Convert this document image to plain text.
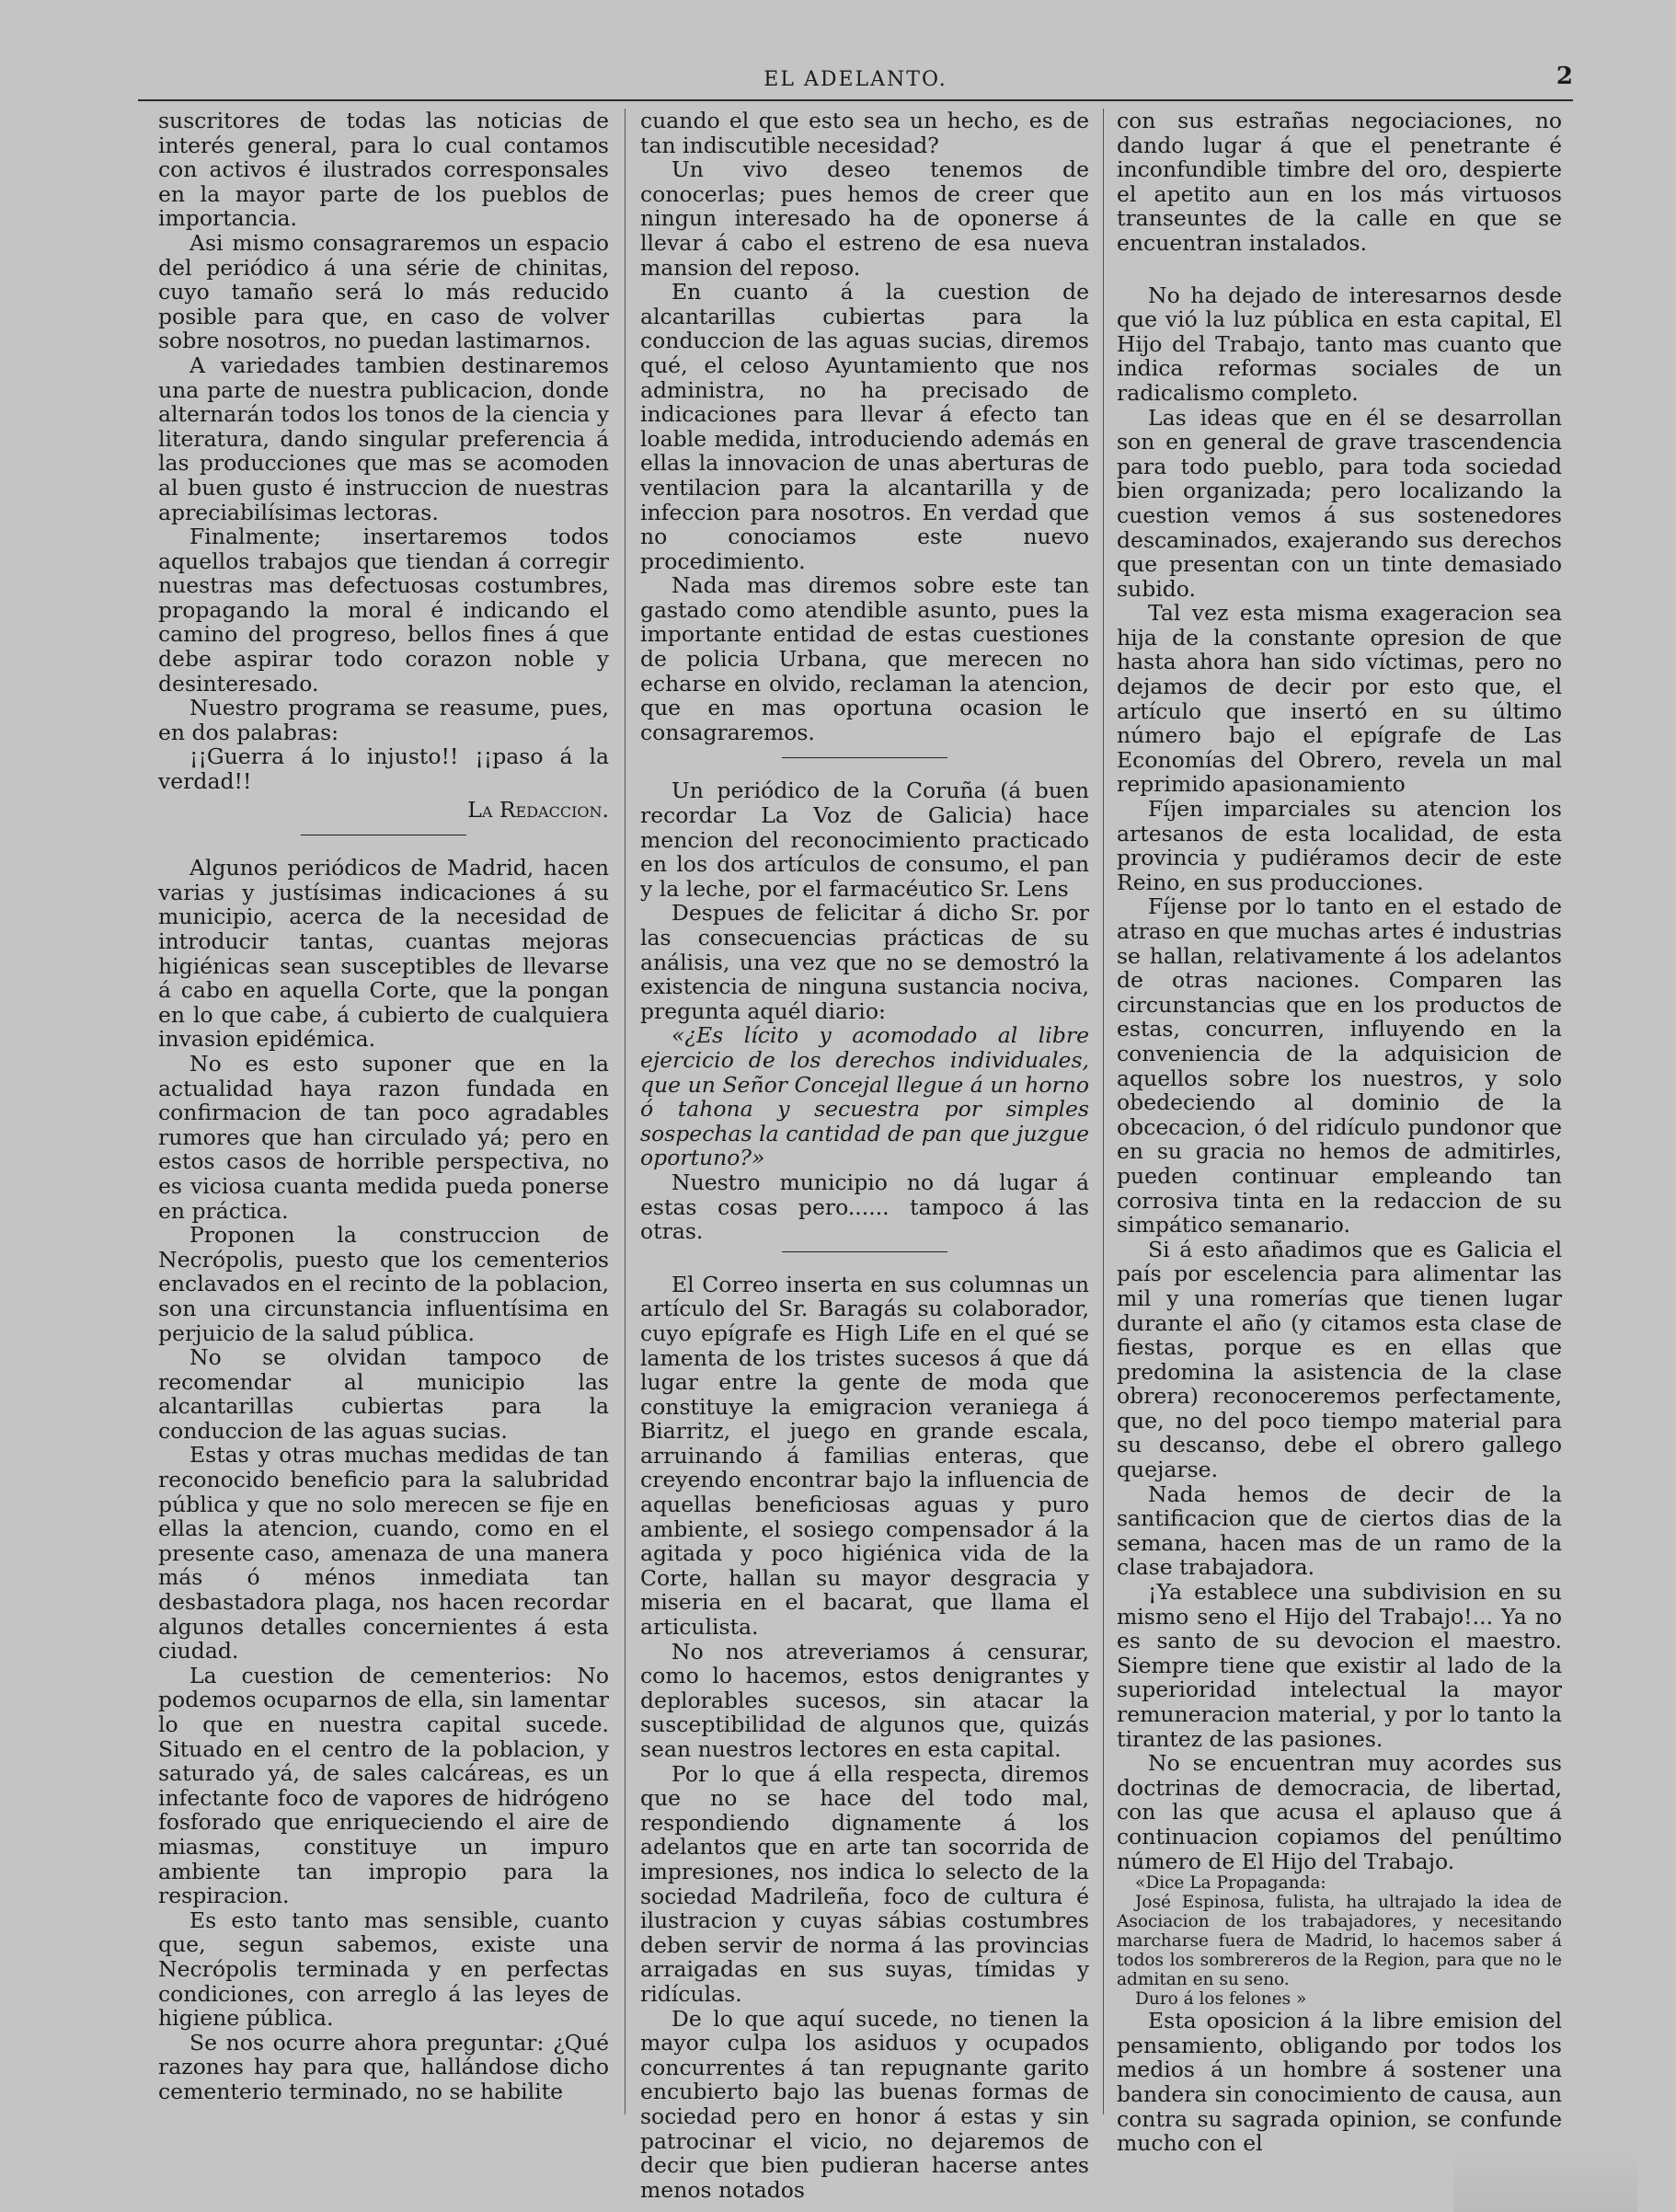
EL ADELANTO.	2

suscritores de todas las noticias de interés general, para lo cual contamos con activos é ilustrados corresponsales en la mayor parte de los pueblos de importancia.

Asi mismo consagraremos un espacio del periódico á una série de chinitas, cuyo tamaño será lo más reducido posible para que, en caso de volver sobre nosotros, no puedan lastimarnos.

A variedades tambien destinaremos una parte de nuestra publicacion, donde alternarán todos los tonos de la ciencia y literatura, dando singular preferencia á las producciones que mas se acomoden al buen gusto é instruccion de nuestras apreciabilísimas lectoras.

Finalmente; insertaremos todos aquellos trabajos que tiendan á corregir nuestras mas defectuosas costumbres, propagando la moral é indicando el camino del progreso, bellos fines á que debe aspirar todo corazon noble y desinteresado.

Nuestro programa se reasume, pues, en dos palabras:

¡¡Guerra á lo injusto!! ¡¡paso á la verdad!!

La Redaccion.

Algunos periódicos de Madrid, hacen varias y justísimas indicaciones á su municipio, acerca de la necesidad de introducir tantas, cuantas mejoras higiénicas sean susceptibles de llevarse á cabo en aquella Corte, que la pongan en lo que cabe, á cubierto de cualquiera invasion epidémica.

No es esto suponer que en la actualidad haya razon fundada en confirmacion de tan poco agradables rumores que han circulado yá; pero en estos casos de horrible perspectiva, no es viciosa cuanta medida pueda ponerse en práctica.

Proponen la construccion de Necrópolis, puesto que los cementerios enclavados en el recinto de la poblacion, son una circunstancia influentísima en perjuicio de la salud pública.

No se olvidan tampoco de recomendar al municipio las alcantarillas cubiertas para la conduccion de las aguas sucias.

Estas y otras muchas medidas de tan reconocido beneficio para la salubridad pública y que no solo merecen se fije en ellas la atencion, cuando, como en el presente caso, amenaza de una manera más ó ménos inmediata tan desbastadora plaga, nos hacen recordar algunos detalles concernientes á esta ciudad.

La cuestion de cementerios: No podemos ocuparnos de ella, sin lamentar lo que en nuestra capital sucede. Situado en el centro de la poblacion, y saturado yá, de sales calcáreas, es un infectante foco de vapores de hidrógeno fosforado que enriqueciendo el aire de miasmas, constituye un impuro ambiente tan impropio para la respiracion.

Es esto tanto mas sensible, cuanto que, segun sabemos, existe una Necrópolis terminada y en perfectas condiciones, con arreglo á las leyes de higiene pública.

Se nos ocurre ahora preguntar: ¿Qué razones hay para que, hallándose dicho cementerio terminado, no se habilite

cuando el que esto sea un hecho, es de tan indiscutible necesidad?

Un vivo deseo tenemos de conocerlas; pues hemos de creer que ningun interesado ha de oponerse á llevar á cabo el estreno de esa nueva mansion del reposo.

En cuanto á la cuestion de alcantarillas cubiertas para la conduccion de las aguas sucias, diremos qué, el celoso Ayuntamiento que nos administra, no ha precisado de indicaciones para llevar á efecto tan loable medida, introduciendo además en ellas la innovacion de unas aberturas de ventilacion para la alcantarilla y de infeccion para nosotros. En verdad que no conociamos este nuevo procedimiento.

Nada mas diremos sobre este tan gastado como atendible asunto, pues la importante entidad de estas cuestiones de policia Urbana, que merecen no echarse en olvido, reclaman la atencion, que en mas oportuna ocasion le consagraremos.

Un periódico de la Coruña (á buen recordar La Voz de Galicia) hace mencion del reconocimiento practicado en los dos artículos de consumo, el pan y la leche, por el farmacéutico Sr. Lens

Despues de felicitar á dicho Sr. por las consecuencias prácticas de su análisis, una vez que no se demostró la existencia de ninguna sustancia nociva, pregunta aquél diario:

«¿Es lícito y acomodado al libre ejercicio de los derechos individuales, que un Señor Concejal llegue á un horno ó tahona y secuestra por simples sospechas la cantidad de pan que juzgue oportuno?»

Nuestro municipio no dá lugar á estas cosas pero...... tampoco á las otras.

El Correo inserta en sus columnas un artículo del Sr. Baragás su colaborador, cuyo epígrafe es High Life en el qué se lamenta de los tristes sucesos á que dá lugar entre la gente de moda que constituye la emigracion veraniega á Biarritz, el juego en grande escala, arruinando á familias enteras, que creyendo encontrar bajo la influencia de aquellas beneficiosas aguas y puro ambiente, el sosiego compensador á la agitada y poco higiénica vida de la Corte, hallan su mayor desgracia y miseria en el bacarat, que llama el articulista.

No nos atreveriamos á censurar, como lo hacemos, estos denigrantes y deplorables sucesos, sin atacar la susceptibilidad de algunos que, quizás sean nuestros lectores en esta capital.

Por lo que á ella respecta, diremos que no se hace del todo mal, respondiendo dignamente á los adelantos que en arte tan socorrida de impresiones, nos indica lo selecto de la sociedad Madrileña, foco de cultura é ilustracion y cuyas sábias costumbres deben servir de norma á las provincias arraigadas en sus suyas, tímidas y ridículas.

De lo que aquí sucede, no tienen la mayor culpa los asiduos y ocupados concurrentes á tan repugnante garito encubierto bajo las buenas formas de sociedad pero en honor á estas y sin patrocinar el vicio, no dejaremos de decir que bien pudieran hacerse antes menos notados

con sus estrañas negociaciones, no dando lugar á que el penetrante é inconfundible timbre del oro, despierte el apetito aun en los más virtuosos transeuntes de la calle en que se encuentran instalados.

No ha dejado de interesarnos desde que vió la luz pública en esta capital, El Hijo del Trabajo, tanto mas cuanto que indica reformas sociales de un radicalismo completo.

Las ideas que en él se desarrollan son en general de grave trascendencia para todo pueblo, para toda sociedad bien organizada; pero localizando la cuestion vemos á sus sostenedores descaminados, exajerando sus derechos que presentan con un tinte demasiado subido.

Tal vez esta misma exageracion sea hija de la constante opresion de que hasta ahora han sido víctimas, pero no dejamos de decir por esto que, el artículo que insertó en su último número bajo el epígrafe de Las Economías del Obrero, revela un mal reprimido apasionamiento

Fíjen imparciales su atencion los artesanos de esta localidad, de esta provincia y pudiéramos decir de este Reino, en sus producciones.

Fíjense por lo tanto en el estado de atraso en que muchas artes é industrias se hallan, relativamente á los adelantos de otras naciones. Comparen las circunstancias que en los productos de estas, concurren, influyendo en la conveniencia de la adquisicion de aquellos sobre los nuestros, y solo obedeciendo al dominio de la obcecacion, ó del ridículo pundonor que en su gracia no hemos de admitirles, pueden continuar empleando tan corrosiva tinta en la redaccion de su simpático semanario.

Si á esto añadimos que es Galicia el país por escelencia para alimentar las mil y una romerías que tienen lugar durante el año (y citamos esta clase de fiestas, porque es en ellas que predomina la asistencia de la clase obrera) reconoceremos perfectamente, que, no del poco tiempo material para su descanso, debe el obrero gallego quejarse.

Nada hemos de decir de la santificacion que de ciertos dias de la semana, hacen mas de un ramo de la clase trabajadora.

¡Ya establece una subdivision en su mismo seno el Hijo del Trabajo!... Ya no es santo de su devocion el maestro. Siempre tiene que existir al lado de la superioridad intelectual la mayor remuneracion material, y por lo tanto la tirantez de las pasiones.

No se encuentran muy acordes sus doctrinas de democracia, de libertad, con las que acusa el aplauso que á continuacion copiamos del penúltimo número de El Hijo del Trabajo.

«Dice La Propaganda:

José Espinosa, fulista, ha ultrajado la idea de Asociacion de los trabajadores, y necesitando marcharse fuera de Madrid, lo hacemos saber á todos los sombrereros de la Region, para que no le admitan en su seno.

Duro á los felones »

Esta oposicion á la libre emision del pensamiento, obligando por todos los medios á un hombre á sostener una bandera sin conocimiento de causa, aun contra su sagrada opinion, se confunde mucho con el
